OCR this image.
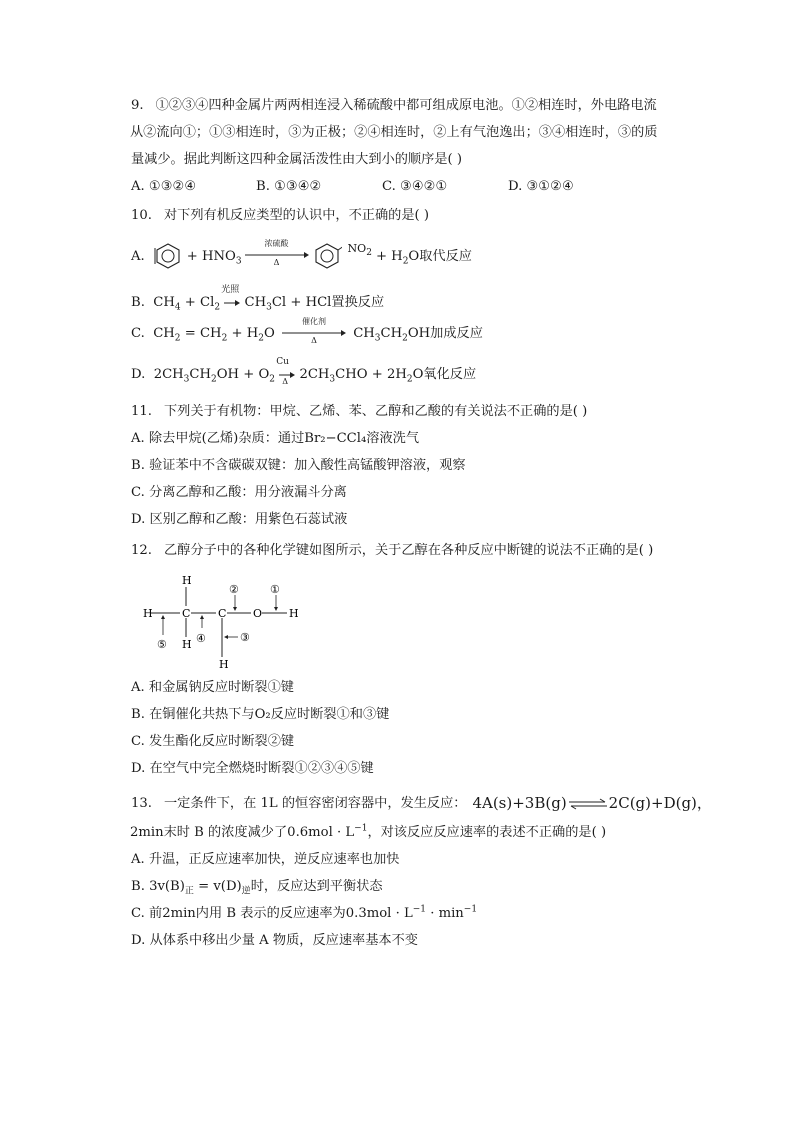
9. ①②③④四种金属片两两相连浸入稀硫酸中都可组成原电池。①②相连时，外电路电流
从②流向①；①③相连时，③为正极；②④相连时，②上有气泡逸出；③④相连时，③的质
量减少。据此判断这四种金属活泼性由大到小的顺序是( )
A. ①③②④	B. ①③④②	C. ③④②①	D. ③①②④
10. 对下列有机反应类型的认识中，不正确的是( )
A.	+ $HNO_3$
浓硫酸
Δ
$NO_2 + H_2O$取代反应
B. $CH_4 + Cl_2$
光照
$CH_3Cl$ + HCl置换反应
C. $CH_2 = CH_2 + H_2O$
催化剂
Δ	$CH_3CH_2OH$加成反应
D. $2CH_3CH_2OH + O_2$
Cu
Δ $2CH_3CHO + 2H_2O$氧化反应
11. 下列关于有机物：甲烷、乙烯、苯、乙醇和乙酸的有关说法不正确的是( )
A. 除去甲烷(乙烯)杂质：通过Br₂−CCl₄溶液洗气
B. 验证苯中不含碳碳双键：加入酸性高锰酸钾溶液，观察
C. 分离乙醇和乙酸：用分液漏斗分离
D. 区别乙醇和乙酸：用紫色石蕊试液
12. 乙醇分子中的各种化学键如图所示，关于乙醇在各种反应中断键的说法不正确的是( )
H
H	C	C O H
H
H
⑤	④
②	①
③
A. 和金属钠反应时断裂①键
B. 在铜催化共热下与O₂反应时断裂①和③键
C. 发生酯化反应时断裂②键
D. 在空气中完全燃烧时断裂①②③④⑤键
13. 一定条件下，在 1L 的恒容密闭容器中，发生反应： 4A(s)+3B(g) ⇌ 2C(g)+D(g) ，
2min末时 B 的浓度减少了$0.6mol \cdot L^{-1}$，对该反应反应速率的表述不正确的是( )
A. 升温，正反应速率加快，逆反应速率也加快
B. $3v(B)_正 = v(D)_逆$时，反应达到平衡状态
C. 前2min内用 B 表示的反应速率为$0.3mol \cdot L^{-1} \cdot \min^{-1}$
D. 从体系中移出少量 A 物质，反应速率基本不变
